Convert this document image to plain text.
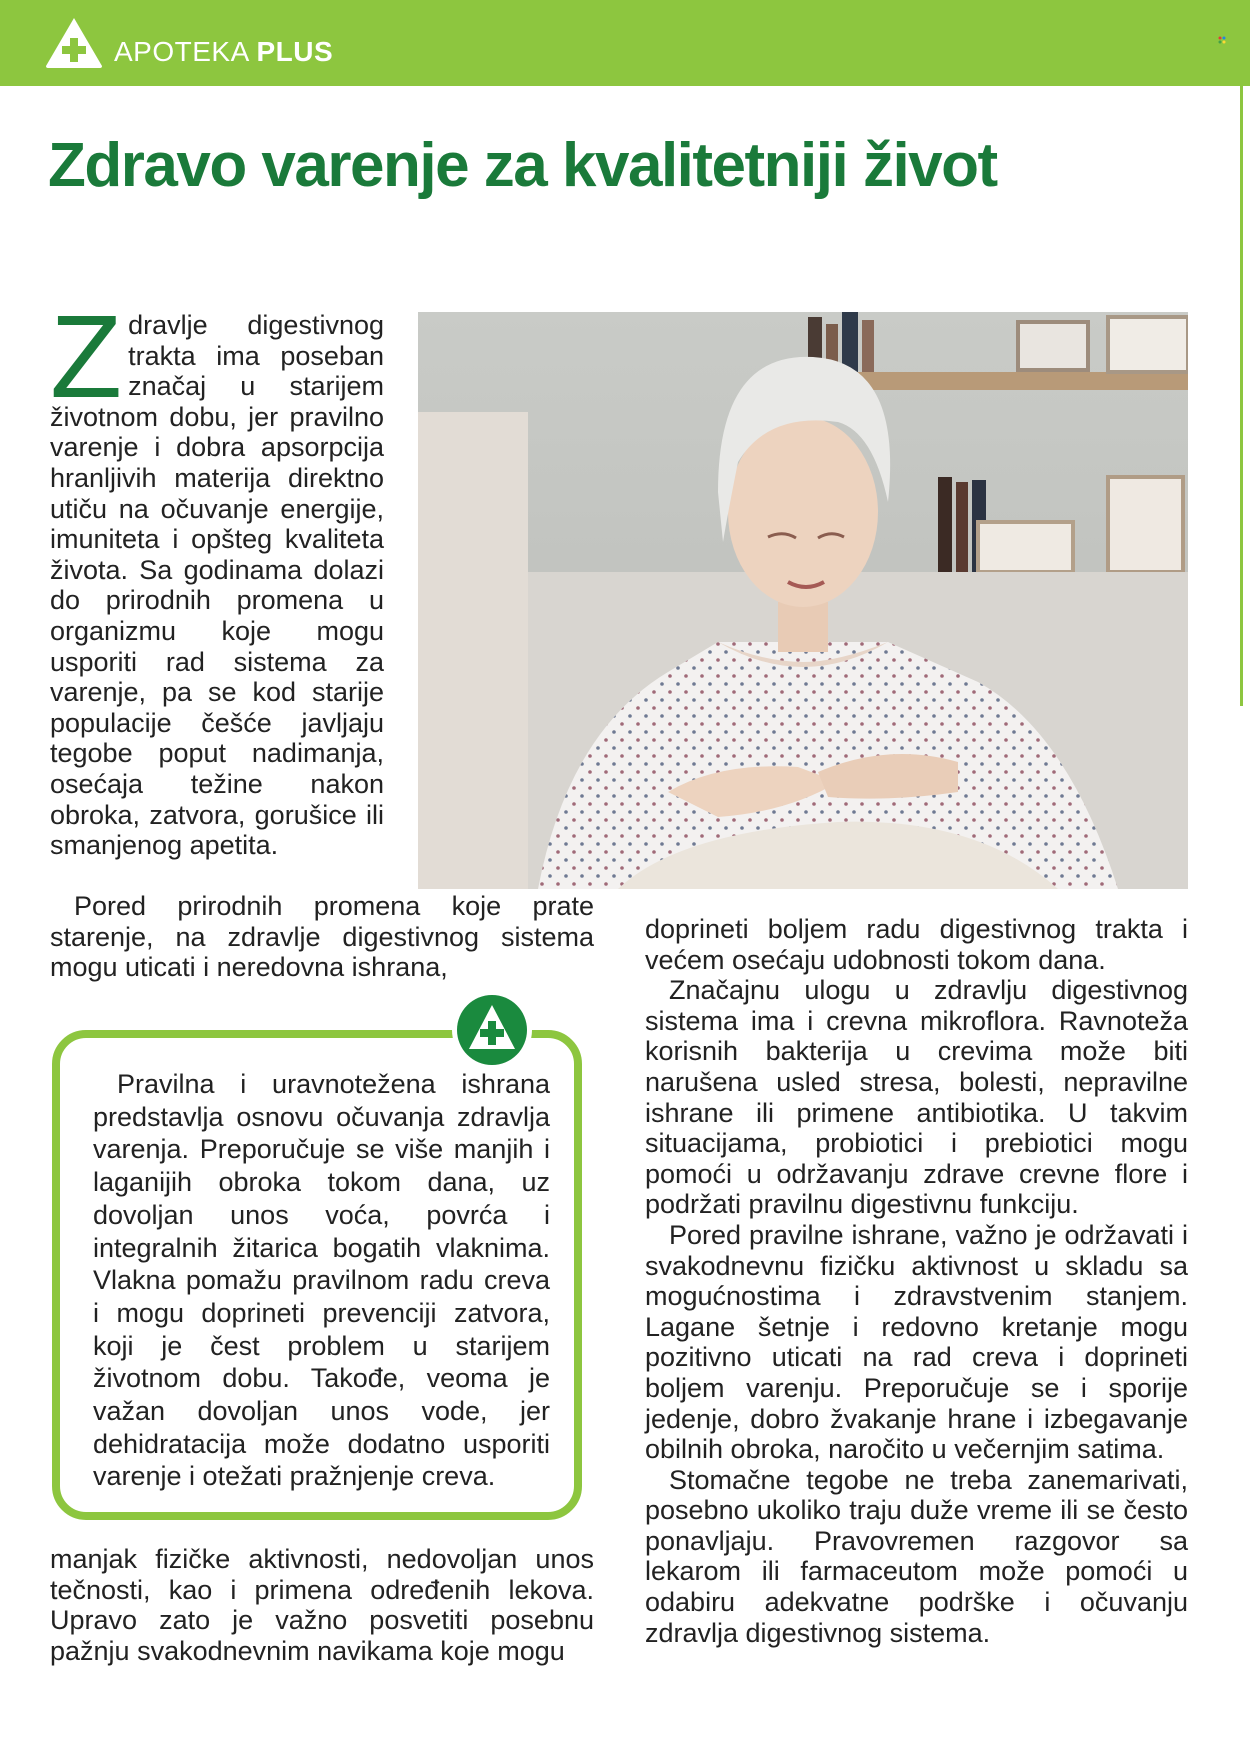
APOTEKA PLUS
Zdravo varenje za kvalitetniji život

Zdravlje digestivnog trakta ima poseban značaj u starijem životnom dobu, jer pravilno varenje i dobra apsorpcija hranljivih materija direktno utiču na očuvanje energije, imuniteta i opšteg kvaliteta života. Sa godinama dolazi do prirodnih promena u organizmu koje mogu usporiti rad sistema za varenje, pa se kod starije populacije češće javljaju tegobe poput nadimanja, osećaja težine nakon obroka, zatvora, gorušice ili smanjenog apetita.

Pored prirodnih promena koje prate starenje, na zdravlje digestivnog sistema mogu uticati i neredovna ishrana,

Pravilna i uravnotežena ishrana predstavlja osnovu očuvanja zdravlja varenja. Preporučuje se više manjih i laganijih obroka tokom dana, uz dovoljan unos voća, povrća i integralnih žitarica bogatih vlaknima. Vlakna pomažu pravilnom radu creva i mogu doprineti prevenciji zatvora, koji je čest problem u starijem životnom dobu. Takođe, veoma je važan dovoljan unos vode, jer dehidratacija može dodatno usporiti varenje i otežati pražnjenje creva.

manjak fizičke aktivnosti, nedovoljan unos tečnosti, kao i primena određenih lekova. Upravo zato je važno posvetiti posebnu pažnju svakodnevnim navikama koje mogu

doprineti boljem radu digestivnog trakta i većem osećaju udobnosti tokom dana.

Značajnu ulogu u zdravlju digestivnog sistema ima i crevna mikroflora. Ravnoteža korisnih bakterija u crevima može biti narušena usled stresa, bolesti, nepravilne ishrane ili primene antibiotika. U takvim situacijama, probiotici i prebiotici mogu pomoći u održavanju zdrave crevne flore i podržati pravilnu digestivnu funkciju.

Pored pravilne ishrane, važno je održavati i svakodnevnu fizičku aktivnost u skladu sa mogućnostima i zdravstvenim stanjem. Lagane šetnje i redovno kretanje mogu pozitivno uticati na rad creva i doprineti boljem varenju. Preporučuje se i sporije jedenje, dobro žvakanje hrane i izbegavanje obilnih obroka, naročito u večernjim satima.

Stomačne tegobe ne treba zanemarivati, posebno ukoliko traju duže vreme ili se često ponavljaju. Pravovremen razgovor sa lekarom ili farmaceutom može pomoći u odabiru adekvatne podrške i očuvanju zdravlja digestivnog sistema.
